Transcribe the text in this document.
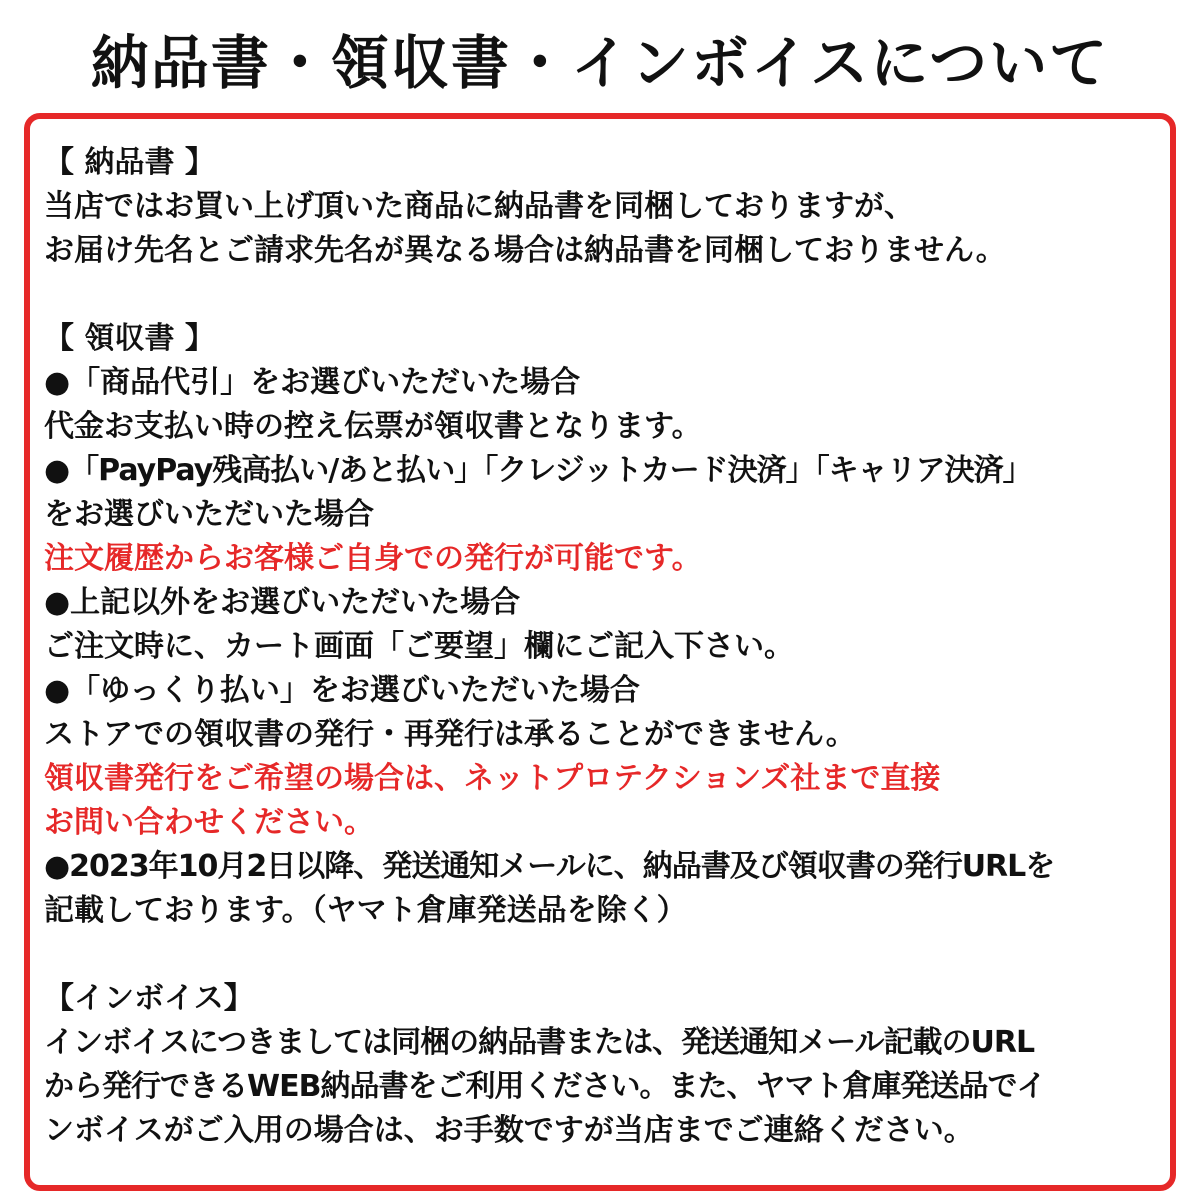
納品書・領収書・インボイスについて
【 納品書 】
当店ではお買い上げ頂いた商品に納品書を同梱しておりますが、
お届け先名とご請求先名が異なる場合は納品書を同梱しておりません。
【 領収書 】
●「商品代引」をお選びいただいた場合
代金お支払い時の控え伝票が領収書となります。
●「PayPay残高払い/あと払い」「クレジットカード決済」「キャリア決済」
をお選びいただいた場合
注文履歴からお客様ご自身での発行が可能です。
●上記以外をお選びいただいた場合
ご注文時に、カート画面「ご要望」欄にご記入下さい。
●「ゆっくり払い」をお選びいただいた場合
ストアでの領収書の発行・再発行は承ることができません。
領収書発行をご希望の場合は、ネットプロテクションズ社まで直接
お問い合わせください。
●2023年10月2日以降、発送通知メールに、納品書及び領収書の発行URLを
記載しております。（ヤマト倉庫発送品を除く）
【インボイス】
インボイスにつきましては同梱の納品書または、発送通知メール記載のURL
から発行できるWEB納品書をご利用ください。また、ヤマト倉庫発送品でイ
ンボイスがご入用の場合は、お手数ですが当店までご連絡ください。
